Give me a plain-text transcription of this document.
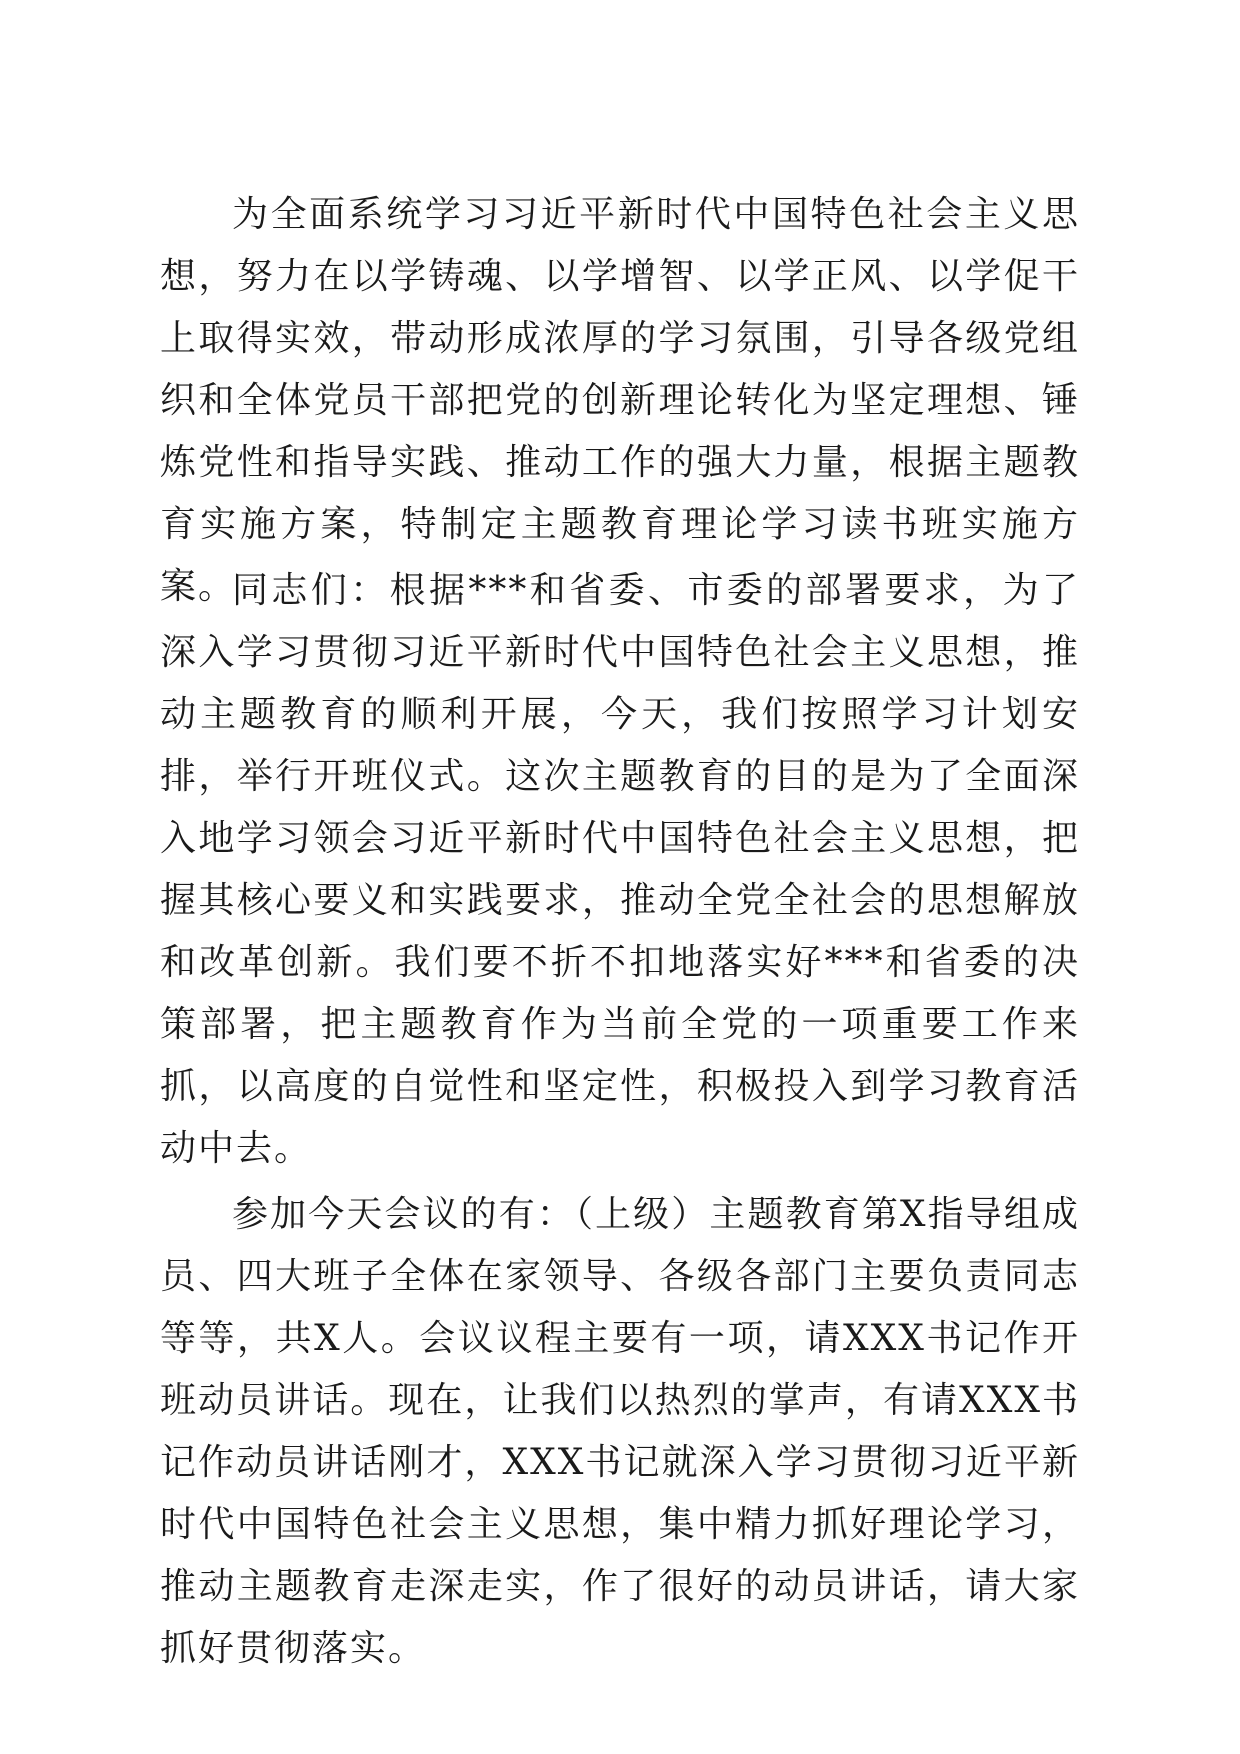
为全面系统学习习近平新时代中国特色社会主义思想，努力在以学铸魂、以学增智、以学正风、以学促干上取得实效，带动形成浓厚的学习氛围，引导各级党组织和全体党员干部把党的创新理论转化为坚定理想、锤炼党性和指导实践、推动工作的强大力量，根据主题教育实施方案，特制定主题教育理论学习读书班实施方案。

同志们：根据***和省委、市委的部署要求，为了深入学习贯彻习近平新时代中国特色社会主义思想，推动主题教育的顺利开展，今天，我们按照学习计划安排，举行开班仪式。这次主题教育的目的是为了全面深入地学习领会习近平新时代中国特色社会主义思想，把握其核心要义和实践要求，推动全党全社会的思想解放和改革创新。我们要不折不扣地落实好***和省委的决策部署，把主题教育作为当前全党的一项重要工作来抓，以高度的自觉性和坚定性，积极投入到学习教育活动中去。

参加今天会议的有：（上级）主题教育第X指导组成员、四大班子全体在家领导、各级各部门主要负责同志等等，共X人。会议议程主要有一项，请XXX书记作开班动员讲话。现在，让我们以热烈的掌声，有请XXX书记作动员讲话刚才，XXX书记就深入学习贯彻习近平新时代中国特色社会主义思想，集中精力抓好理论学习，推动主题教育走深走实，作了很好的动员讲话，请大家抓好贯彻落实。
